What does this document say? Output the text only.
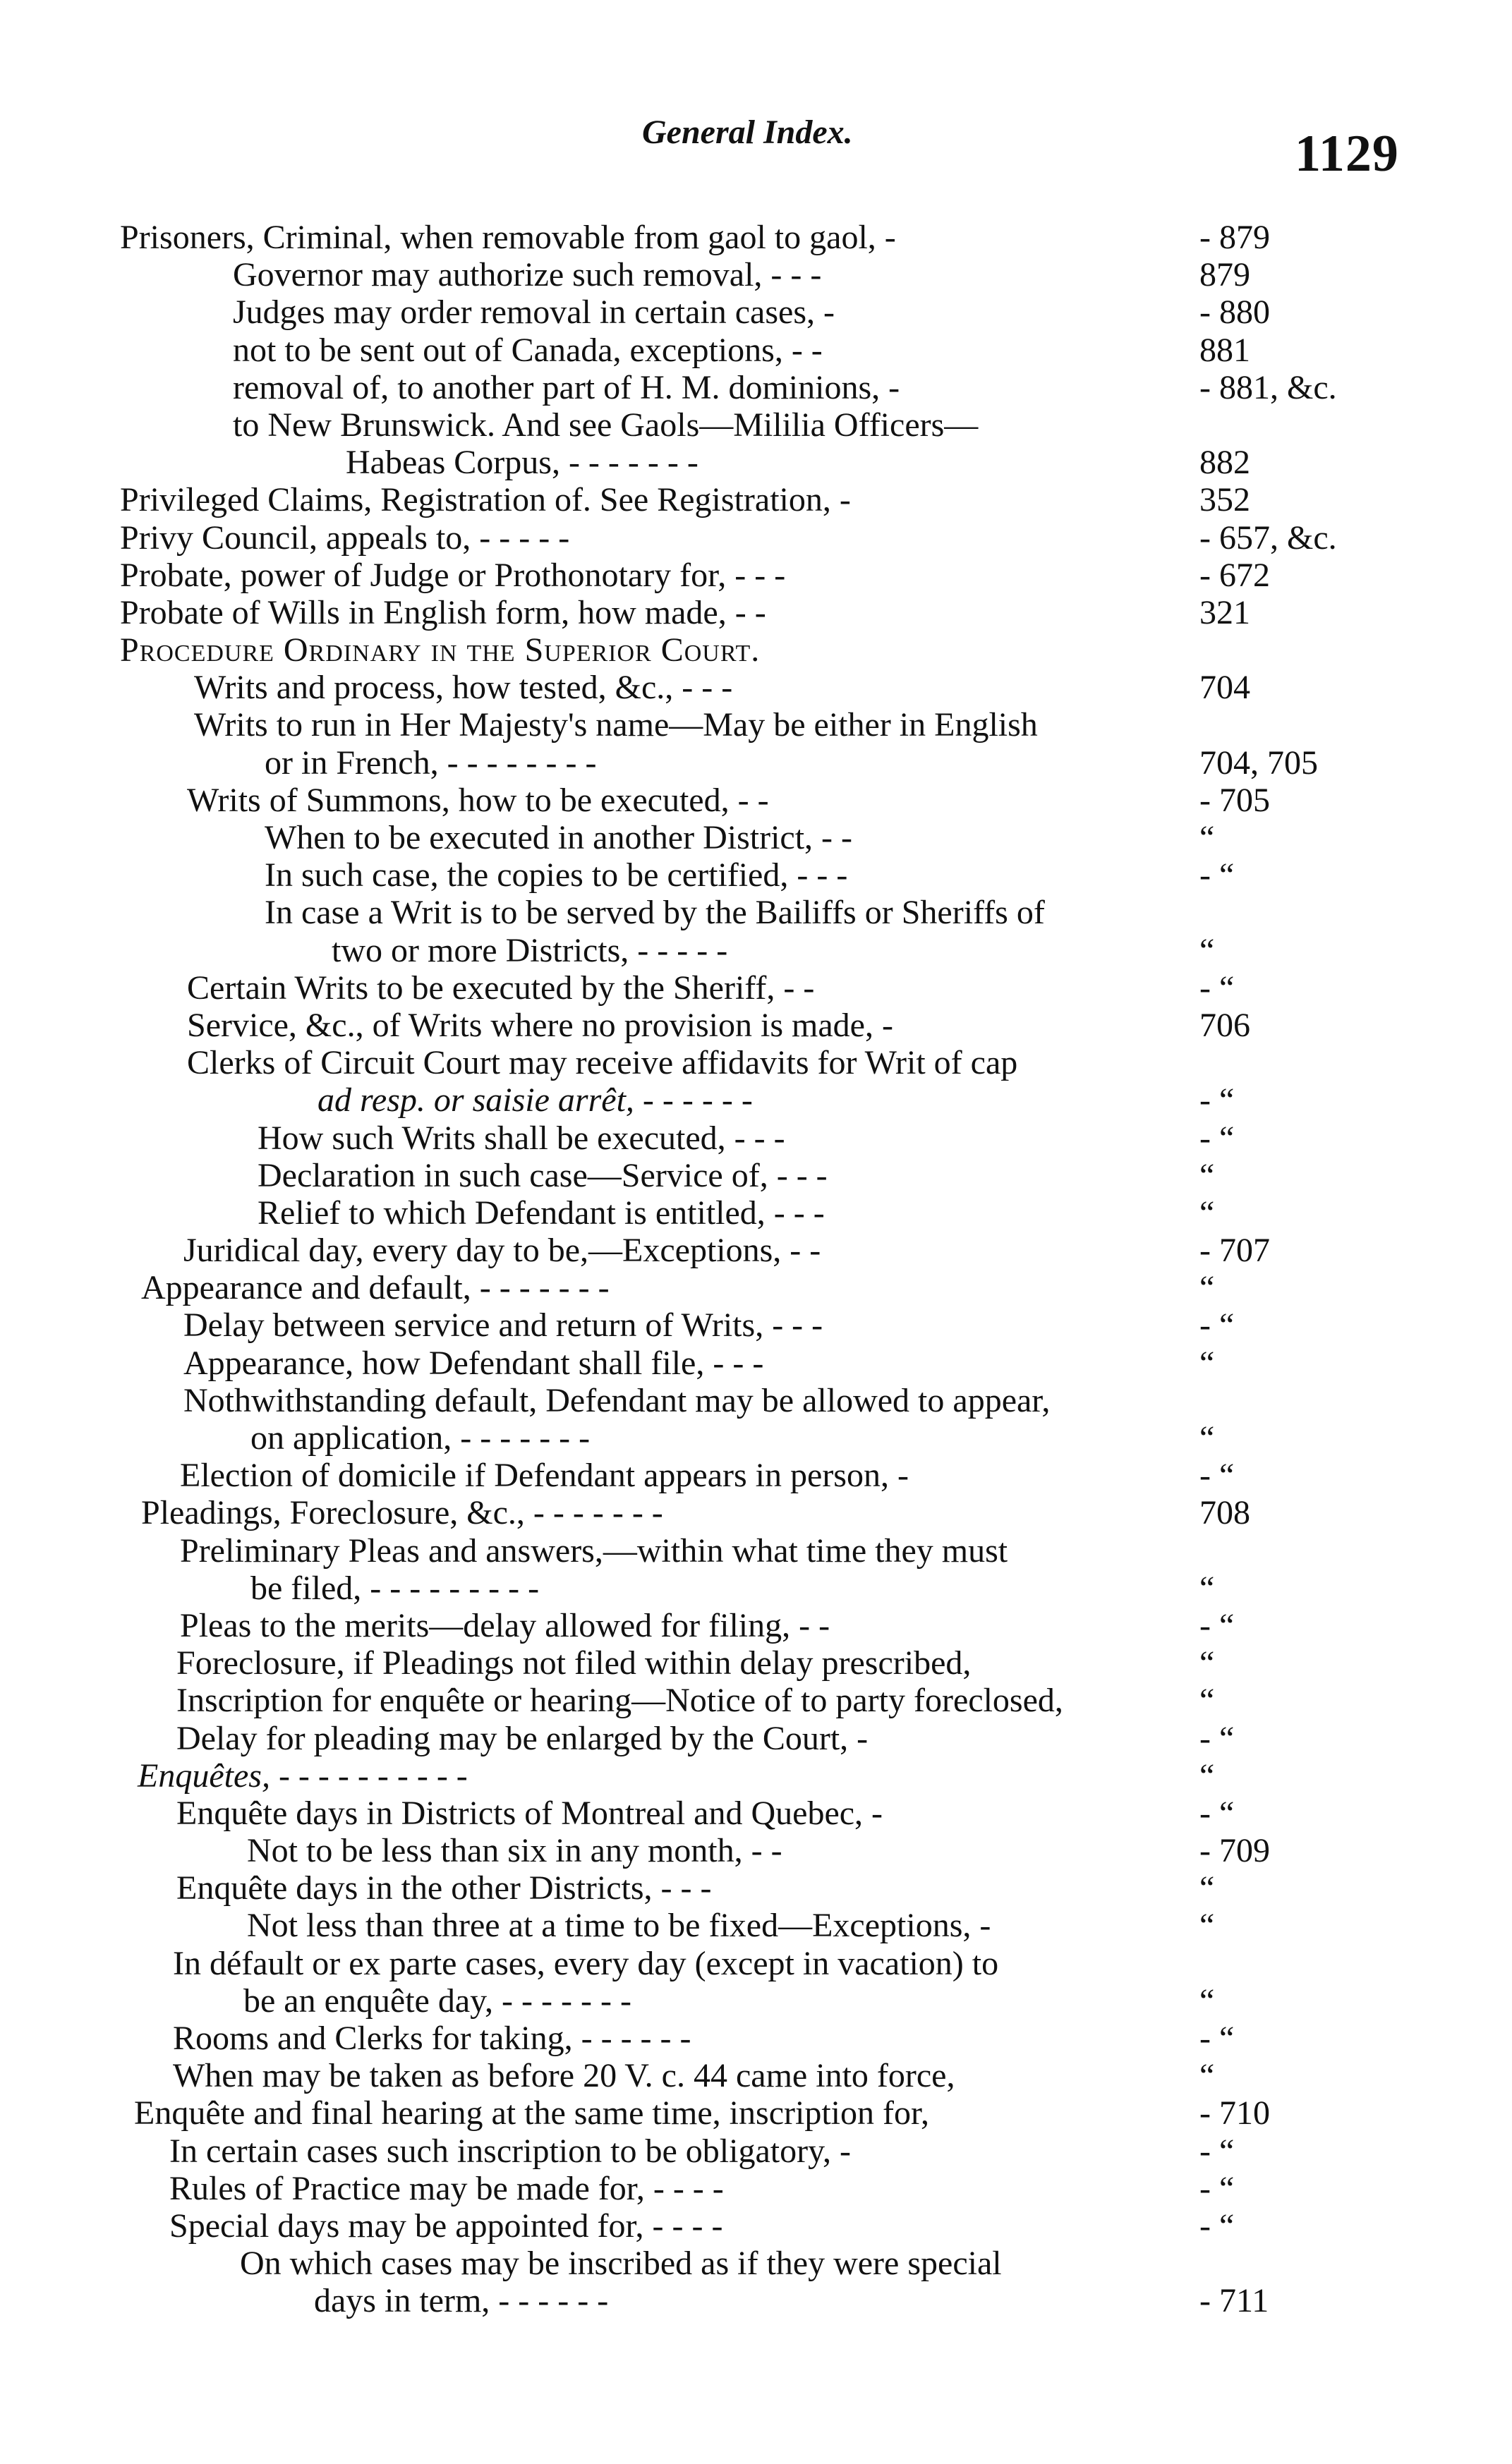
General Index.	1129
Prisoners, Criminal, when removable from gaol to gaol, -	- 879
Governor may authorize such removal, - - -	879
Judges may order removal in certain cases, -	- 880
not to be sent out of Canada, exceptions, - -	881
removal of, to another part of H. M. dominions, -	- 881, &c.
to New Brunswick. And see Gaols—Mililia Officers—
Habeas Corpus, - - - - - - -	882
Privileged Claims, Registration of. See Registration, -	352
Privy Council, appeals to, - - - - -	- 657, &c.
Probate, power of Judge or Prothonotary for, - - -	- 672
Probate of Wills in English form, how made, - -	321
Procedure Ordinary in the Superior Court.
Writs and process, how tested, &c., - - -	704
Writs to run in Her Majesty's name—May be either in English
or in French, - - - - - - - -	704, 705
Writs of Summons, how to be executed, - -	- 705
When to be executed in another District, - -	“
In such case, the copies to be certified, - - -	- “
In case a Writ is to be served by the Bailiffs or Sheriffs of
two or more Districts, - - - - -	“
Certain Writs to be executed by the Sheriff, - -	- “
Service, &c., of Writs where no provision is made, -	706
Clerks of Circuit Court may receive affidavits for Writ of cap
ad resp. or saisie arrêt, - - - - - -	- “
How such Writs shall be executed, - - -	- “
Declaration in such case—Service of, - - -	“
Relief to which Defendant is entitled, - - -	“
Juridical day, every day to be,—Exceptions, - -	- 707
Appearance and default, - - - - - - -	“
Delay between service and return of Writs, - - -	- “
Appearance, how Defendant shall file, - - -	“
Nothwithstanding default, Defendant may be allowed to appear,
on application, - - - - - - -	“
Election of domicile if Defendant appears in person, -	- “
Pleadings, Foreclosure, &c., - - - - - - -	708
Preliminary Pleas and answers,—within what time they must
be filed, - - - - - - - - -	“
Pleas to the merits—delay allowed for filing, - -	- “
Foreclosure, if Pleadings not filed within delay prescribed,	“
Inscription for enquête or hearing—Notice of to party foreclosed,	“
Delay for pleading may be enlarged by the Court, -	- “
Enquêtes, - - - - - - - - - -	“
Enquête days in Districts of Montreal and Quebec, -	- “
Not to be less than six in any month, - -	- 709
Enquête days in the other Districts, - - -	“
Not less than three at a time to be fixed—Exceptions, -	“
In défault or ex parte cases, every day (except in vacation) to
be an enquête day, - - - - - - -	“
Rooms and Clerks for taking, - - - - - -	- “
When may be taken as before 20 V. c. 44 came into force,	“
Enquête and final hearing at the same time, inscription for,	- 710
In certain cases such inscription to be obligatory, -	- “
Rules of Practice may be made for, - - - -	- “
Special days may be appointed for, - - - -	- “
On which cases may be inscribed as if they were special
days in term, - - - - - -	- 711
